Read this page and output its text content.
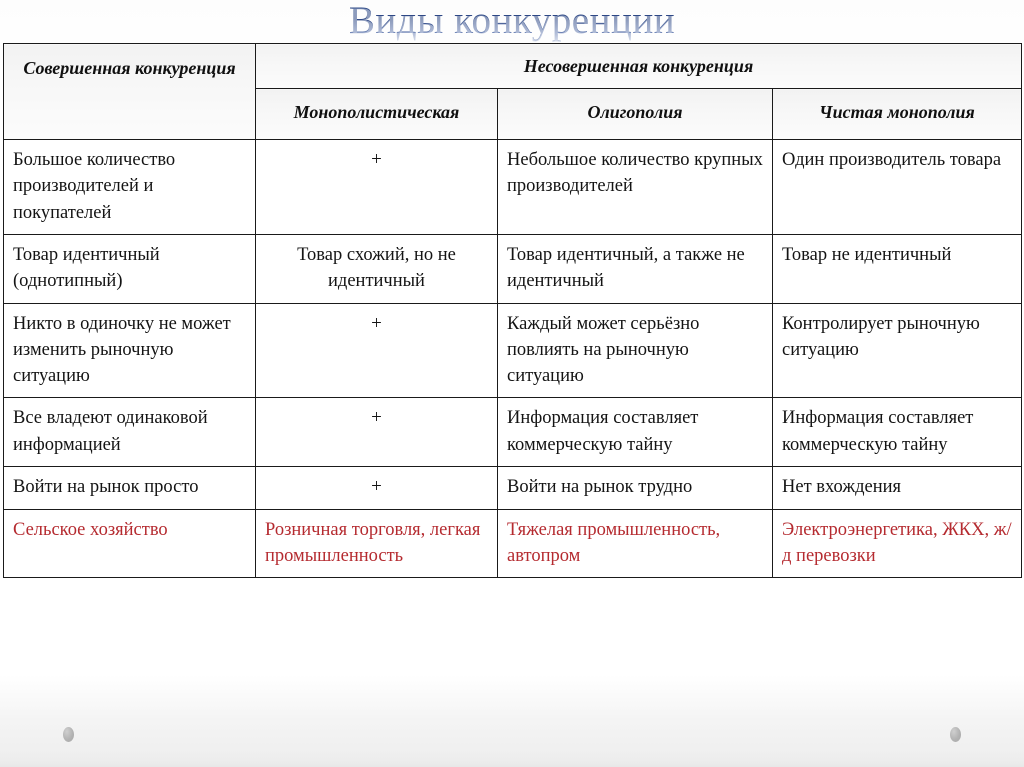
Виды конкуренции
Совершенная конкуренция	Несовершенная конкуренция		

	Монополистическая	Олигополия	Чистая монополия

Большое количество производителей и покупателей	+	Небольшое количество крупных производителей	Один производитель товара

Товар идентичный (однотипный)	Товар схожий, но не идентичный	Товар идентичный, а также не идентичный	Товар не идентичный

Никто в одиночку не может изменить рыночную ситуацию	+	Каждый может серьёзно повлиять на рыночную ситуацию	Контролирует рыночную ситуацию

Все владеют одинаковой информацией	+	Информация составляет коммерческую тайну	Информация составляет коммерческую тайну

Войти на рынок просто	+	Войти на рынок трудно	Нет вхождения

Сельское хозяйство	Розничная торговля, легкая промышленность	Тяжелая промышленность, автопром	Электроэнергетика, ЖКХ, ж/д перевозки
